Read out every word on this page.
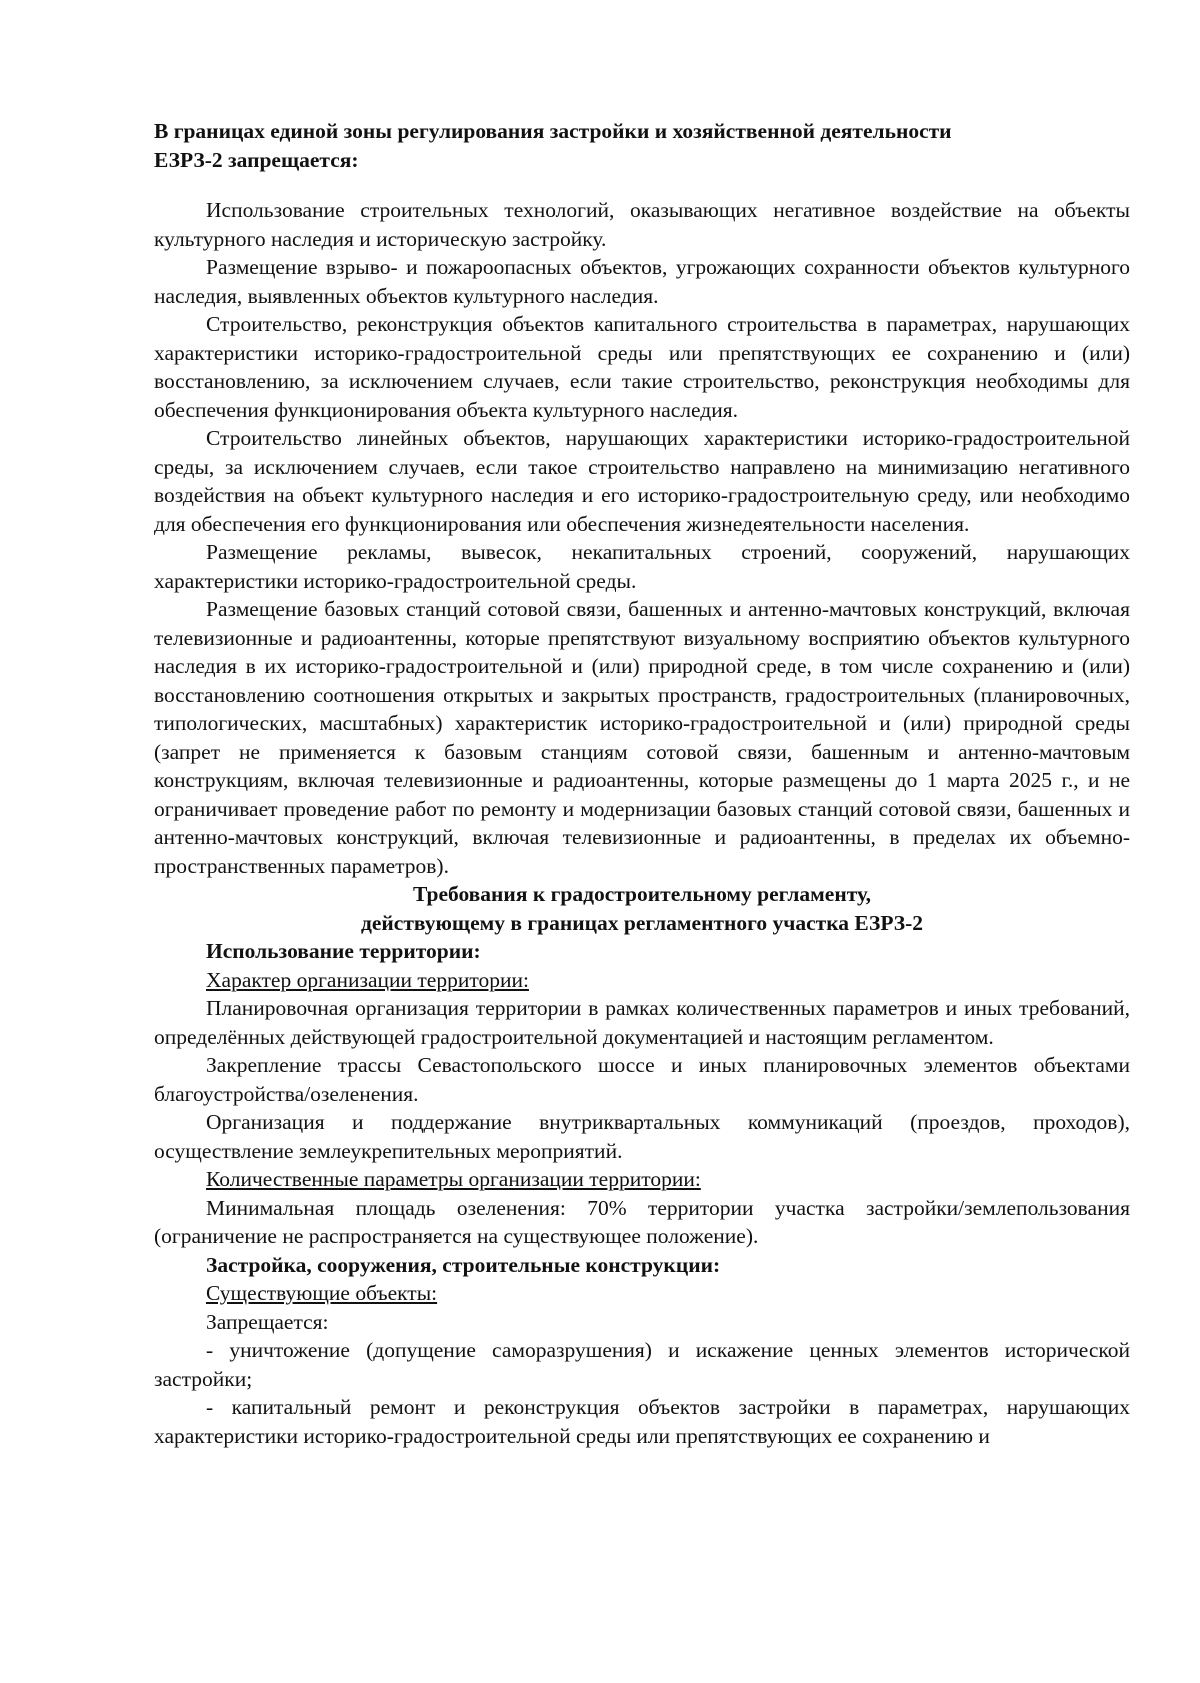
В границах единой зоны регулирования застройки и хозяйственной деятельности
ЕЗРЗ-2 запрещается:

Использование строительных технологий, оказывающих негативное воздействие на объекты культурного наследия и историческую застройку.

Размещение взрыво- и пожароопасных объектов, угрожающих сохранности объектов культурного наследия, выявленных объектов культурного наследия.

Строительство, реконструкция объектов капитального строительства в параметрах, нарушающих характеристики историко-градостроительной среды или препятствующих ее сохранению и (или) восстановлению, за исключением случаев, если такие строительство, реконструкция необходимы для обеспечения функционирования объекта культурного наследия.

Строительство линейных объектов, нарушающих характеристики историко-градостроительной среды, за исключением случаев, если такое строительство направлено на минимизацию негативного воздействия на объект культурного наследия и его историко-градостроительную среду, или необходимо для обеспечения его функционирования или обеспечения жизнедеятельности населения.

Размещение рекламы, вывесок, некапитальных строений, сооружений, нарушающих характеристики историко-градостроительной среды.

Размещение базовых станций сотовой связи, башенных и антенно-мачтовых конструкций, включая телевизионные и радиоантенны, которые препятствуют визуальному восприятию объектов культурного наследия в их историко-градостроительной и (или) природной среде, в том числе сохранению и (или) восстановлению соотношения открытых и закрытых пространств, градостроительных (планировочных, типологических, масштабных) характеристик историко-градостроительной и (или) природной среды (запрет не применяется к базовым станциям сотовой связи, башенным и антенно-мачтовым конструкциям, включая телевизионные и радиоантенны, которые размещены до 1 марта 2025 г., и не ограничивает проведение работ по ремонту и модернизации базовых станций сотовой связи, башенных и антенно-мачтовых конструкций, включая телевизионные и радиоантенны, в пределах их объемно-пространственных параметров).

Требования к градостроительному регламенту,
действующему в границах регламентного участка ЕЗРЗ-2

Использование территории:

Характер организации территории:

Планировочная организация территории в рамках количественных параметров и иных требований, определённых действующей градостроительной документацией и настоящим регламентом.

Закрепление трассы Севастопольского шоссе и иных планировочных элементов объектами благоустройства/озеленения.

Организация и поддержание внутриквартальных коммуникаций (проездов, проходов), осуществление землеукрепительных мероприятий.

Количественные параметры организации территории:

Минимальная площадь озеленения: 70% территории участка застройки/землепользования (ограничение не распространяется на существующее положение).

Застройка, сооружения, строительные конструкции:

Существующие объекты:

Запрещается:

- уничтожение (допущение саморазрушения) и искажение ценных элементов исторической застройки;

- капитальный ремонт и реконструкция объектов застройки в параметрах, нарушающих характеристики историко-градостроительной среды или препятствующих ее сохранению и
